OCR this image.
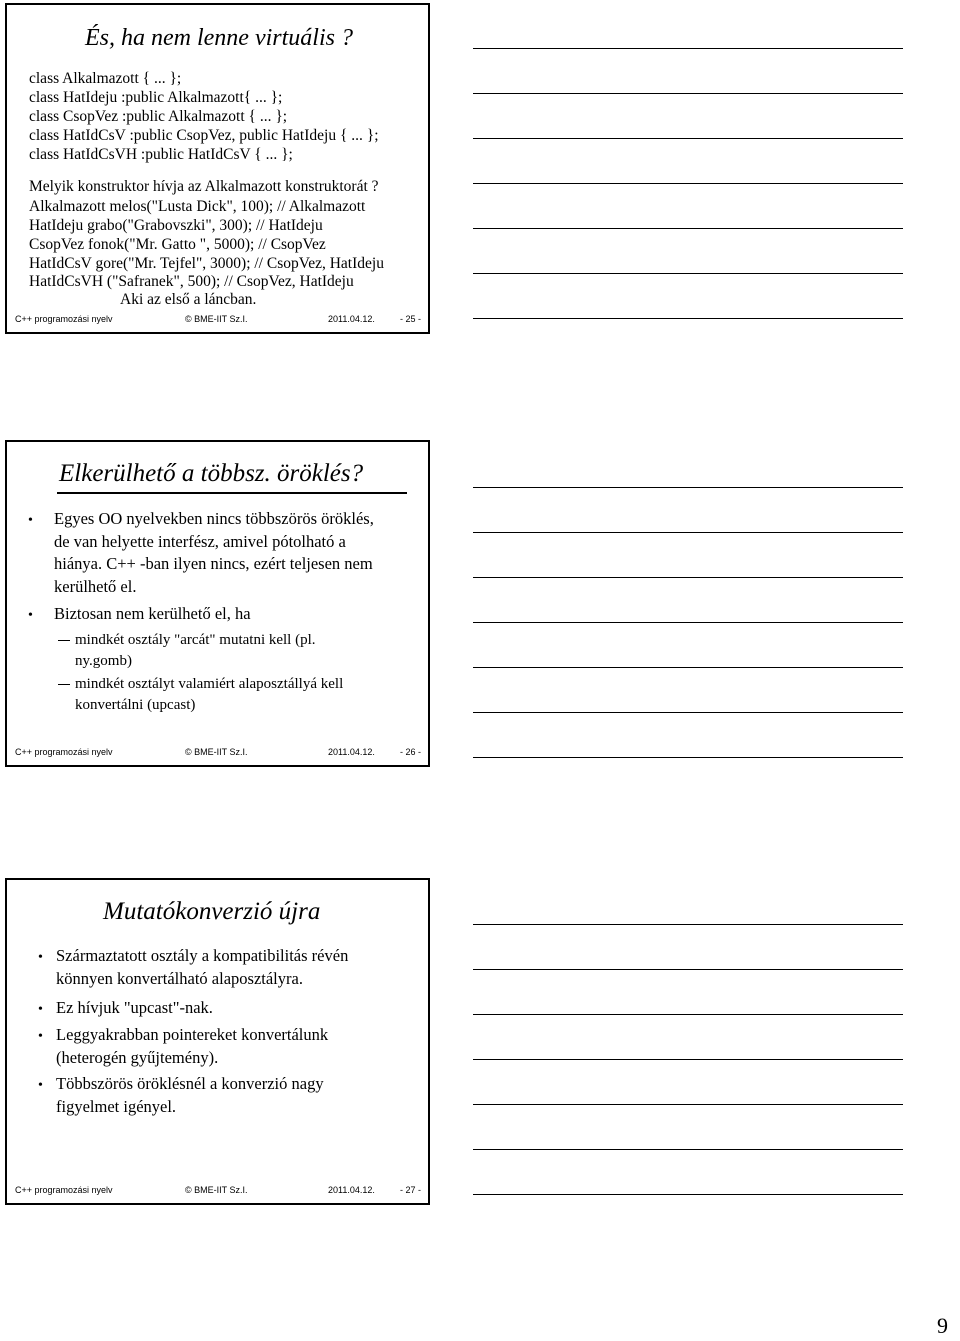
És, ha nem lenne virtuális ?
class Alkalmazott { ... };
class HatIdeju :public Alkalmazott{ ... };
class CsopVez :public Alkalmazott { ... };
class HatIdCsV :public CsopVez, public HatIdeju { ... };
class HatIdCsVH :public HatIdCsV { ... };
Melyik konstruktor hívja az Alkalmazott konstruktorát ?
Alkalmazott melos("Lusta Dick", 100); // Alkalmazott
HatIdeju grabo("Grabovszki", 300); // HatIdeju
CsopVez fonok("Mr. Gatto ", 5000); // CsopVez
HatIdCsV gore("Mr. Tejfel", 3000); // CsopVez, HatIdeju
HatIdCsVH ("Safranek", 500); // CsopVez, HatIdeju
Aki az első a láncban.
C++ programozási nyelv	© BME-IIT Sz.I.	2011.04.12.	- 25 -
Elkerülhető a többsz. öröklés?
• Egyes OO nyelvekben nincs többszörös öröklés, de van helyette interfész, amivel pótolható a hiánya. C++ -ban ilyen nincs, ezért teljesen nem kerülhető el.
• Biztosan nem kerülhető el, ha
mindkét osztály "arcát" mutatni kell (pl. ny.gomb)
mindkét osztályt valamiért alaposztállyá kell konvertálni (upcast)
C++ programozási nyelv	© BME-IIT Sz.I.	2011.04.12.	- 26 -
Mutatókonverzió újra
• Származtatott osztály a kompatibilitás révén könnyen konvertálható alaposztályra.
• Ez hívjuk "upcast"-nak.
• Leggyakrabban pointereket konvertálunk (heterogén gyűjtemény).
• Többszörös öröklésnél a konverzió nagy figyelmet igényel.
C++ programozási nyelv	© BME-IIT Sz.I.	2011.04.12.	- 27 -
9
